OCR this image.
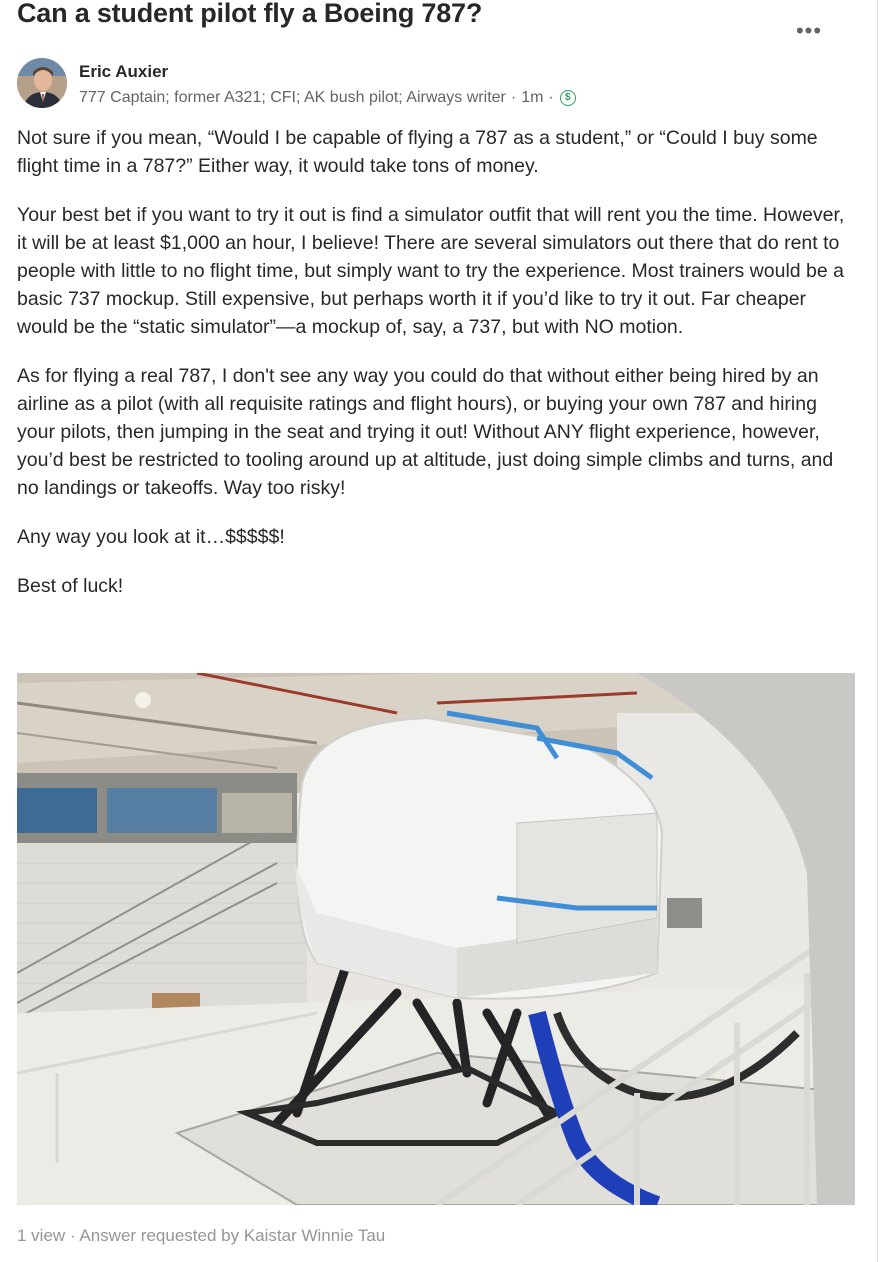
Can a student pilot fly a Boeing 787?
•••
Eric Auxier
777 Captain; former A321; CFI; AK bush pilot; Airways writer · 1m ·	$

Not sure if you mean, “Would I be capable of flying a 787 as a student,” or “Could I buy some flight time in a 787?” Either way, it would take tons of money.

Your best bet if you want to try it out is find a simulator outfit that will rent you the time. However, it will be at least $1,000 an hour, I believe! There are several simulators out there that do rent to people with little to no flight time, but simply want to try the experience. Most trainers would be a basic 737 mockup. Still expensive, but perhaps worth it if you’d like to try it out. Far cheaper would be the “static simulator”—a mockup of, say, a 737, but with NO motion.

As for flying a real 787, I don't see any way you could do that without either being hired by an airline as a pilot (with all requisite ratings and flight hours), or buying your own 787 and hiring your pilots, then jumping in the seat and trying it out! Without ANY flight experience, however, you’d best be restricted to tooling around up at altitude, just doing simple climbs and turns, and no landings or takeoffs. Way too risky!

Any way you look at it…$$$$$!

Best of luck!

1 view · Answer requested by Kaistar Winnie Tau
